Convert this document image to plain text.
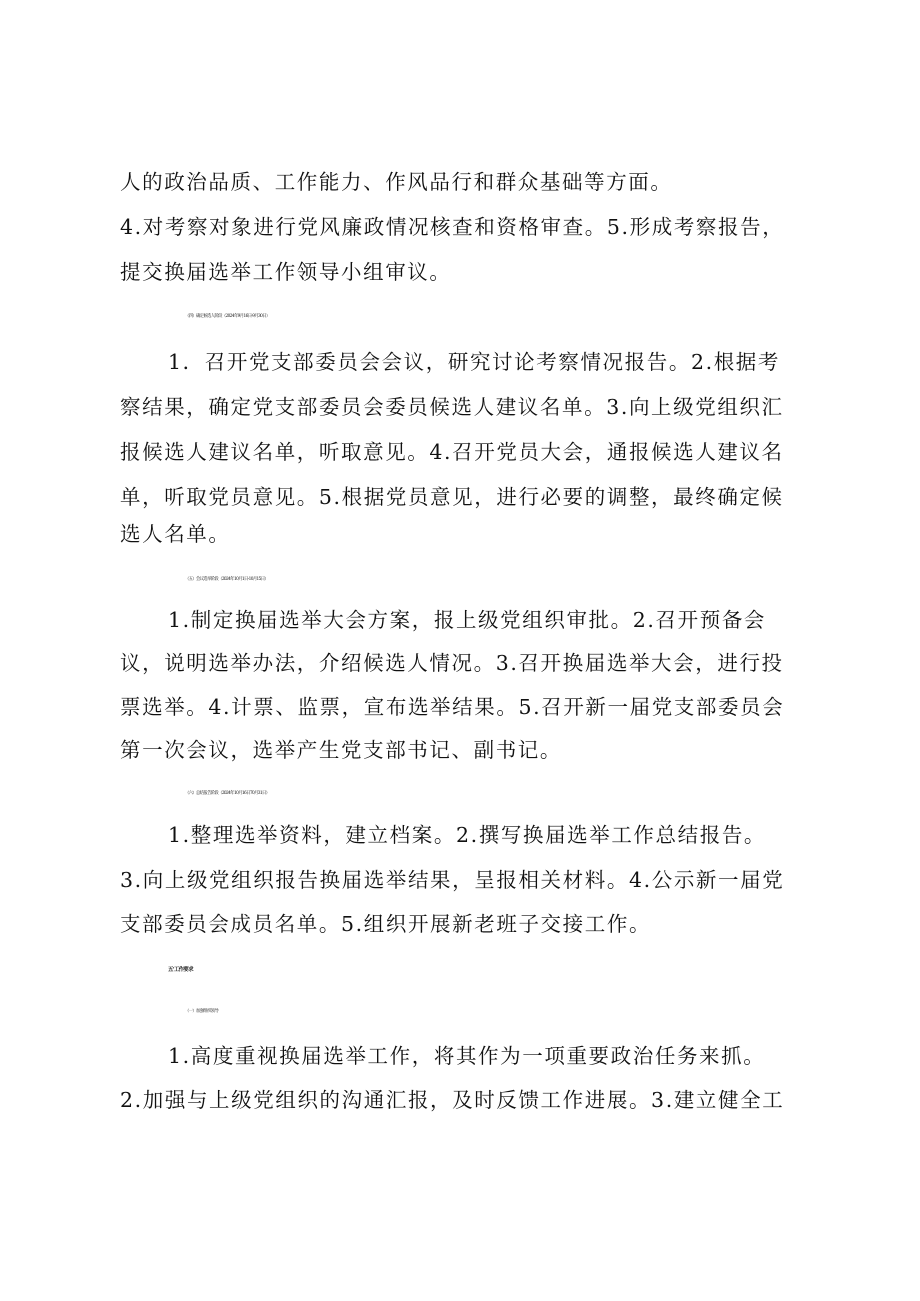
人的政治品质、工作能力、作风品行和群众基础等方面。
4.对考察对象进行党风廉政情况核查和资格审查。5.形成考察报告，
提交换届选举工作领导小组审议。
（四）确定候选人阶段（2024年9月16日-9月30日）
1．召开党支部委员会会议，研究讨论考察情况报告。2.根据考
察结果，确定党支部委员会委员候选人建议名单。3.向上级党组织汇
报候选人建议名单，听取意见。4.召开党员大会，通报候选人建议名
单，听取党员意见。5.根据党员意见，进行必要的调整，最终确定候
选人名单。
（五）会议选举阶段（2024年10月1日-10月15日）
1.制定换届选举大会方案，报上级党组织审批。2.召开预备会
议，说明选举办法，介绍候选人情况。3.召开换届选举大会，进行投
票选举。4.计票、监票，宣布选举结果。5.召开新一届党支部委员会
第一次会议，选举产生党支部书记、副书记。
（六）总结报告阶段（2024年10月16日70月31日）
1.整理选举资料，建立档案。2.撰写换届选举工作总结报告。
3.向上级党组织报告换届选举结果，呈报相关材料。4.公示新一届党
支部委员会成员名单。5.组织开展新老班子交接工作。
五'工作要求
（一）加强组织领导
1.高度重视换届选举工作，将其作为一项重要政治任务来抓。
2.加强与上级党组织的沟通汇报，及时反馈工作进展。3.建立健全工
